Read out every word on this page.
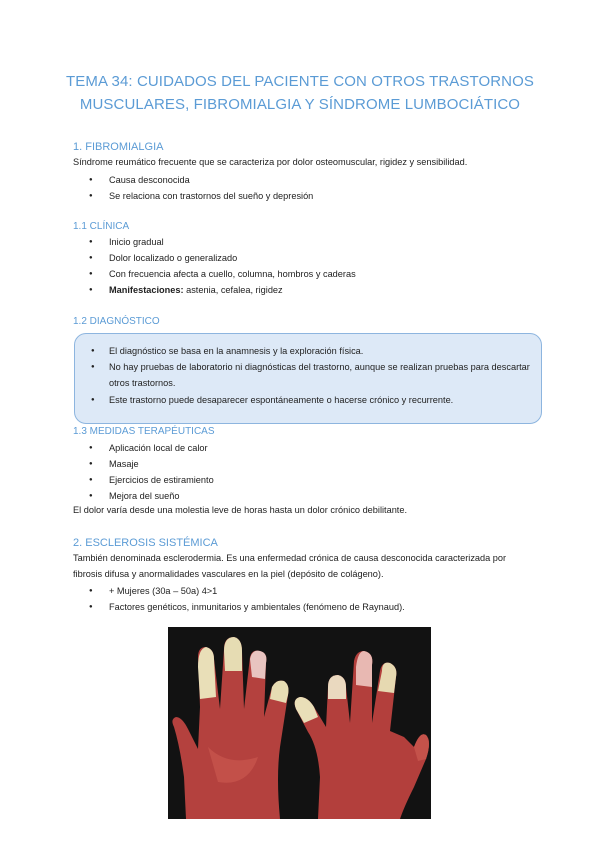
TEMA 34: CUIDADOS DEL PACIENTE CON OTROS TRASTORNOS MUSCULARES, FIBROMIALGIA Y SÍNDROME LUMBOCIÁTICO
1. FIBROMIALGIA
Síndrome reumático frecuente que se caracteriza por dolor osteomuscular, rigidez y sensibilidad.
● Causa desconocida
● Se relaciona con trastornos del sueño y depresión
1.1 CLÍNICA
● Inicio gradual
● Dolor localizado o generalizado
● Con frecuencia afecta a cuello, columna, hombros y caderas
● Manifestaciones: astenia, cefalea, rigidez
1.2 DIAGNÓSTICO
● El diagnóstico se basa en la anamnesis y la exploración física.
● No hay pruebas de laboratorio ni diagnósticas del trastorno, aunque se realizan pruebas para descartar otros trastornos.
● Este trastorno puede desaparecer espontáneamente o hacerse crónico y recurrente.
1.3 MEDIDAS TERAPÉUTICAS
● Aplicación local de calor
● Masaje
● Ejercicios de estiramiento
● Mejora del sueño
El dolor varía desde una molestia leve de horas hasta un dolor crónico debilitante.
2. ESCLEROSIS SISTÉMICA
También denominada esclerodermia. Es una enfermedad crónica de causa desconocida caracterizada por fibrosis difusa y anormalidades vasculares en la piel (depósito de colágeno).
● + Mujeres (30a – 50a) 4>1
● Factores genéticos, inmunitarios y ambientales (fenómeno de Raynaud).
